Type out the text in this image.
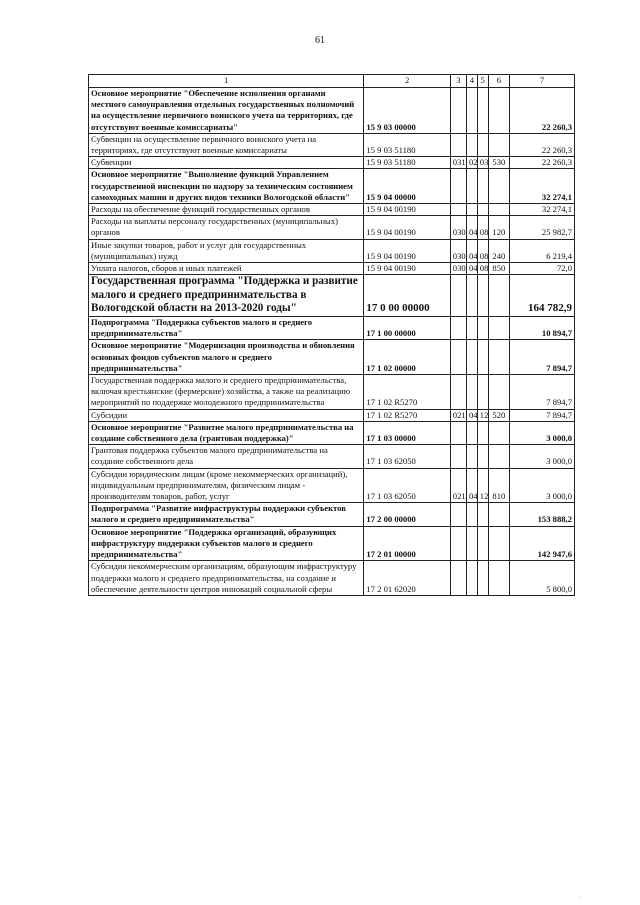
61
1	2	3	4	5	6	7
Основное мероприятие "Обеспечение исполнения органами местного самоуправления отдельных государственных полномочий на осуществление первичного воинского учета на территориях, где отсутствуют военные комиссариаты"	15 9 03 00000					22 260,3
Субвенции на осуществление первичного воинского учета на территориях, где отсутствуют военные комиссариаты	15 9 03 51180					22 260,3
Субвенции	15 9 03 51180	031	02	03	530	22 260,3
Основное мероприятие "Выполнение функций Управлением государственной инспекции по надзору за техническим состоянием самоходных машин и других видов техники Вологодской области"	15 9 04 00000					32 274,1
Расходы на обеспечение функций государственных органов	15 9 04 00190					32 274,1
Расходы на выплаты персоналу государственных (муниципальных) органов	15 9 04 00190	030	04	08	120	25 982,7
Иные закупки товаров, работ и услуг для государственных (муниципальных) нужд	15 9 04 00190	030	04	08	240	6 219,4
Уплата налогов, сборов и иных платежей	15 9 04 00190	030	04	08	850	72,0
Государственная программа "Поддержка и развитие малого и среднего предпринимательства в Вологодской области на 2013-2020 годы"	17 0 00 00000					164 782,9
Подпрограмма "Поддержка субъектов малого и среднего предпринимательства"	17 1 00 00000					10 894,7
Основное мероприятие "Модернизация производства и обновления основных фондов субъектов малого и среднего предпринимательства"	17 1 02 00000					7 894,7
Государственная поддержка малого и среднего предпринимательства, включая крестьянские (фермерские) хозяйства, а также на реализацию мероприятий по поддержке молодежного предпринимательства	17 1 02 R5270					7 894,7
Субсидии	17 1 02 R5270	021	04	12	520	7 894,7
Основное мероприятие "Развитие малого предпринимательства на создание собственного дела (грантовая поддержка)"	17 1 03 00000					3 000,0
Грантовая поддержка субъектов малого предпринимательства на создание собственного дела	17 1 03 62050					3 000,0
Субсидии юридическим лицам (кроме некоммерческих организаций), индивидуальным предпринимателям, физическим лицам - производителям товаров, работ, услуг	17 1 03 62050	021	04	12	810	3 000,0
Подпрограмма "Развитие инфраструктуры поддержки субъектов малого и среднего предпринимательства"	17 2 00 00000					153 888,2
Основное мероприятие "Поддержка организаций, образующих инфраструктуру поддержки субъектов малого и среднего предпринимательства"	17 2 01 00000					142 947,6
Субсидия некоммерческим организациям, образующим инфраструктуру поддержки малого и среднего предпринимательства, на создание и обеспечение деятельности центров инноваций социальной сферы	17 2 01 62020					5 800,0
·
